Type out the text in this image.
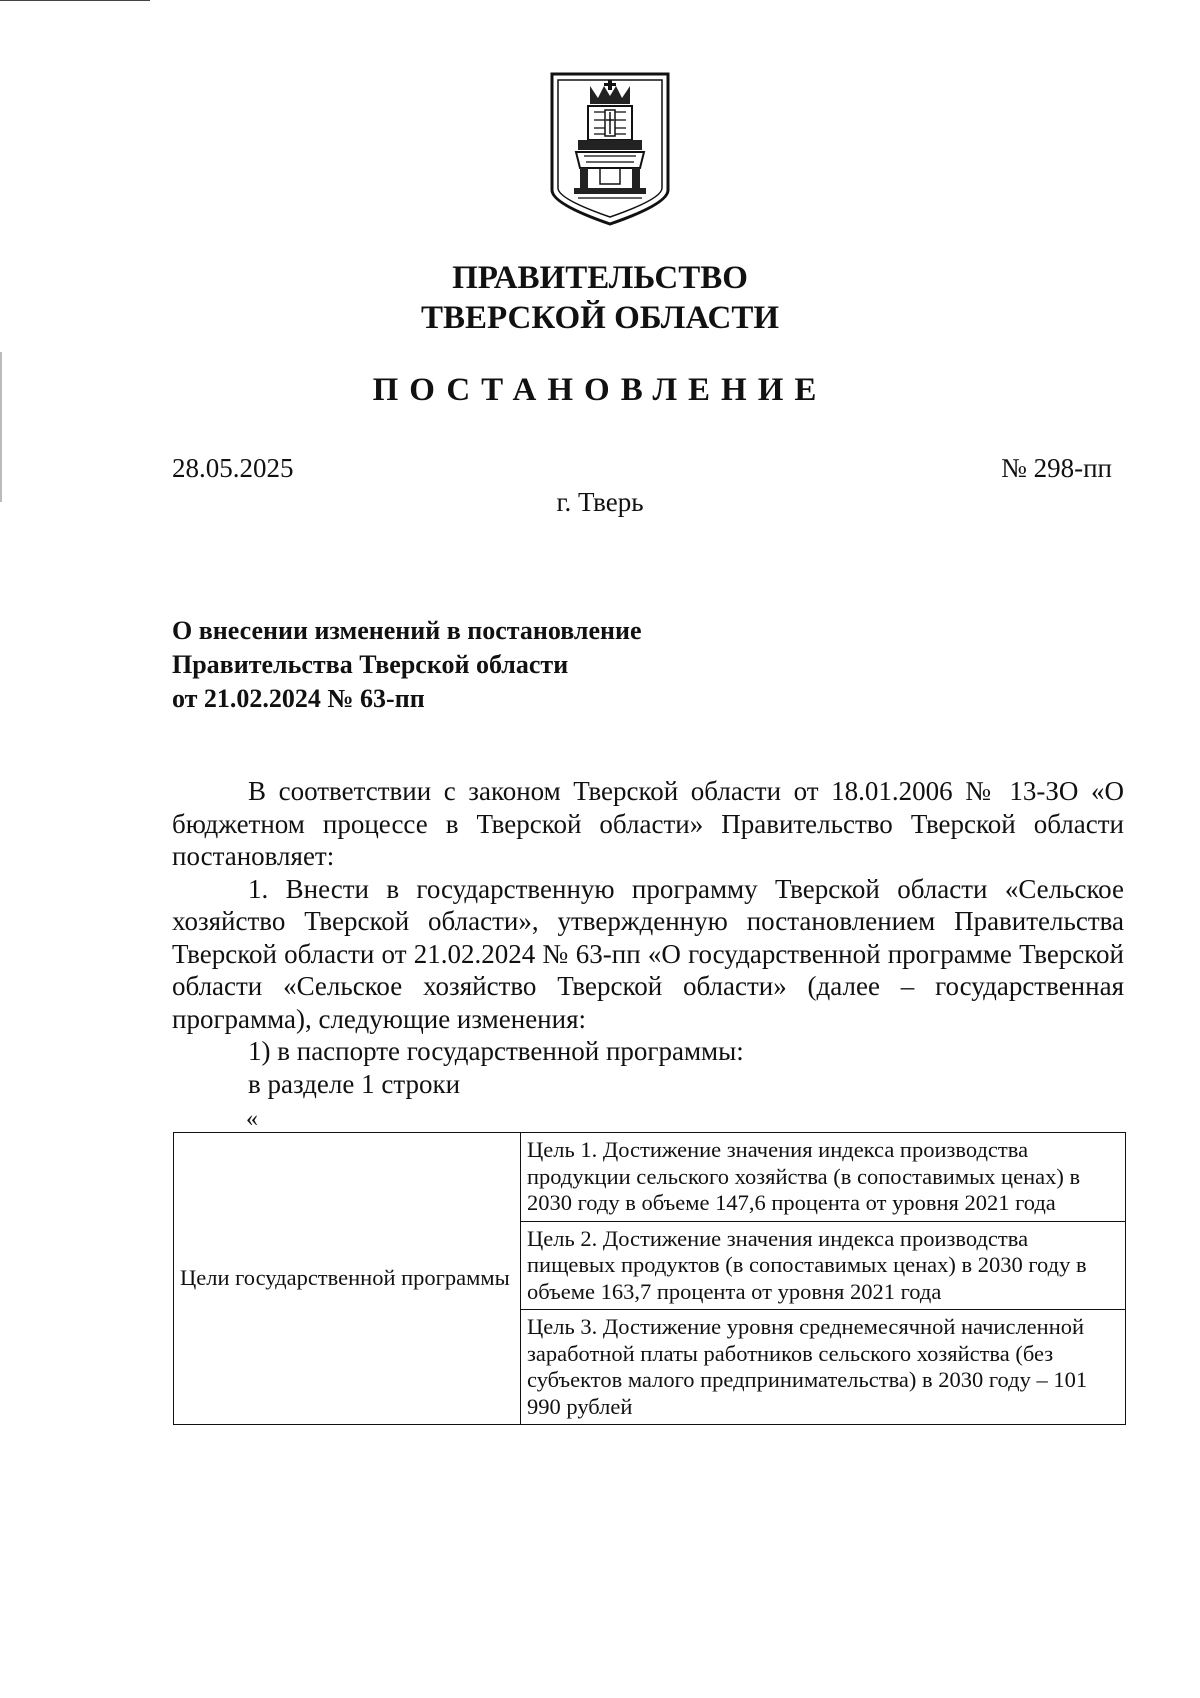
ПРАВИТЕЛЬСТВО
ТВЕРСКОЙ ОБЛАСТИ
ПОСТАНОВЛЕНИЕ
28.05.2025	№ 298-пп
г. Тверь
О внесении изменений в постановление
Правительства Тверской области
от 21.02.2024 № 63-пп

В соответствии с законом Тверской области от 18.01.2006 № 13-ЗО «О бюджетном процессе в Тверской области» Правительство Тверской области постановляет:

1. Внести в государственную программу Тверской области «Сельское хозяйство Тверской области», утвержденную постановлением Правительства Тверской области от 21.02.2024 № 63-пп «О государственной программе Тверской области «Сельское хозяйство Тверской области» (далее – государственная программа), следующие изменения:

1) в паспорте государственной программы:
в разделе 1 строки
«
Цели государственной программы	Цель 1. Достижение значения индекса производства продукции сельского хозяйства (в сопоставимых ценах) в 2030 году в объеме 147,6 процента от уровня 2021 года
Цель 2. Достижение значения индекса производства пищевых продуктов (в сопоставимых ценах) в 2030 году в объеме 163,7 процента от уровня 2021 года
Цель 3. Достижение уровня среднемесячной начисленной заработной платы работников сельского хозяйства (без субъектов малого предпринимательства) в 2030 году – 101 990 рублей
